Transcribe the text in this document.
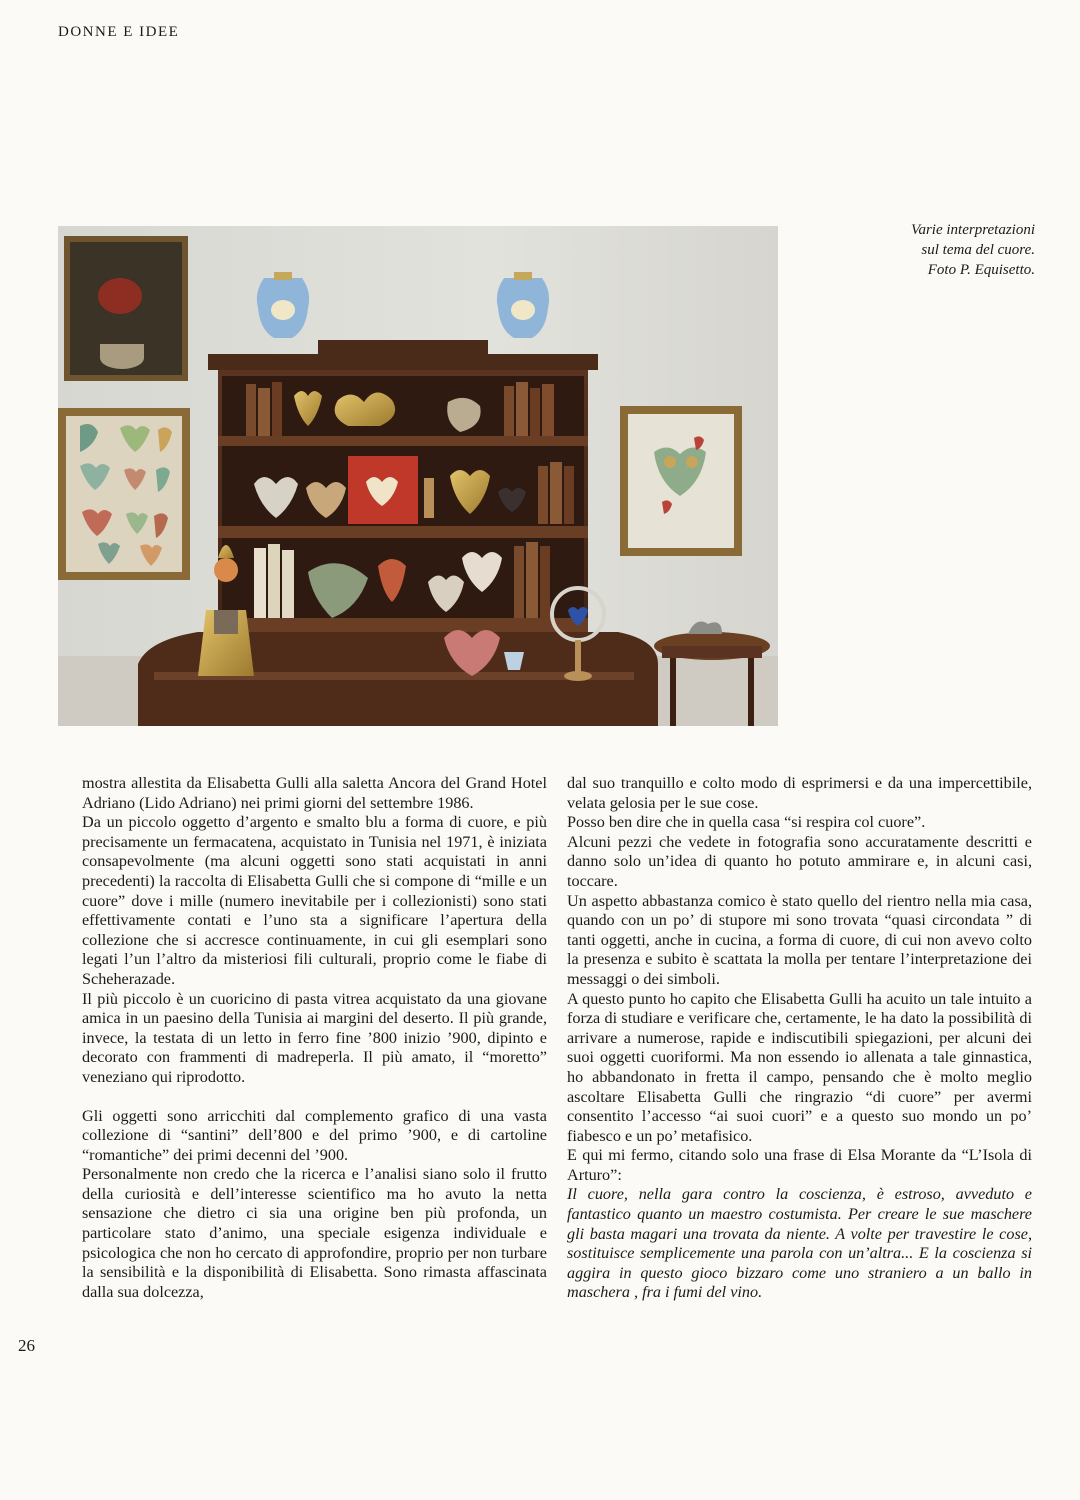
DONNE E IDEE
Varie interpretazioni
sul tema del cuore.
Foto P. Equisetto.

mostra allestita da Elisabetta Gulli alla saletta Ancora del Grand Hotel Adriano (Lido Adriano) nei primi giorni del settembre 1986.

Da un piccolo oggetto d’argento e smalto blu a forma di cuore, e più precisamente un fermacatena, acquistato in Tunisia nel 1971, è iniziata consapevolmente (ma alcuni oggetti sono stati acquistati in anni precedenti) la raccolta di Elisabetta Gulli che si compone di “mille e un cuore” dove i mille (numero inevitabile per i collezionisti) sono stati effettivamente contati e l’uno sta a significare l’apertura della collezione che si accresce continuamente, in cui gli esemplari sono legati l’un l’altro da misteriosi fili culturali, proprio come le fiabe di Scheherazade.

Il più piccolo è un cuoricino di pasta vitrea acquistato da una giovane amica in un paesino della Tunisia ai margini del deserto. Il più grande, invece, la testata di un letto in ferro fine ’800 inizio ’900, dipinto e decorato con frammenti di madreperla. Il più amato, il “moretto” veneziano qui riprodotto.

Gli oggetti sono arricchiti dal complemento grafico di una vasta collezione di “santini” dell’800 e del primo ’900, e di cartoline “romantiche” dei primi decenni del ’900.

Personalmente non credo che la ricerca e l’analisi siano solo il frutto della curiosità e dell’interesse scientifico ma ho avuto la netta sensazione che dietro ci sia una origine ben più profonda, un particolare stato d’animo, una speciale esigenza individuale e psicologica che non ho cercato di approfondire, proprio per non turbare la sensibilità e la disponibilità di Elisabetta. Sono rimasta affascinata dalla sua dolcezza,

dal suo tranquillo e colto modo di esprimersi e da una impercettibile, velata gelosia per le sue cose.

Posso ben dire che in quella casa “si respira col cuore”.

Alcuni pezzi che vedete in fotografia sono accuratamente descritti e danno solo un’idea di quanto ho potuto ammirare e, in alcuni casi, toccare.

Un aspetto abbastanza comico è stato quello del rientro nella mia casa, quando con un po’ di stupore mi sono trovata “quasi circondata ” di tanti oggetti, anche in cucina, a forma di cuore, di cui non avevo colto la presenza e subito è scattata la molla per tentare l’interpretazione dei messaggi o dei simboli.

A questo punto ho capito che Elisabetta Gulli ha acuito un tale intuito a forza di studiare e verificare che, certamente, le ha dato la possibilità di arrivare a numerose, rapide e indiscutibili spiegazioni, per alcuni dei suoi oggetti cuoriformi. Ma non essendo io allenata a tale ginnastica, ho abbandonato in fretta il campo, pensando che è molto meglio ascoltare Elisabetta Gulli che ringrazio “di cuore” per avermi consentito l’accesso “ai suoi cuori” e a questo suo mondo un po’ fiabesco e un po’ metafisico.

E qui mi fermo, citando solo una frase di Elsa Morante da “L’Isola di Arturo”:

Il cuore, nella gara contro la coscienza, è estroso, avveduto e fantastico quanto un maestro costumista. Per creare le sue maschere gli basta magari una trovata da niente. A volte per travestire le cose, sostituisce semplicemente una parola con un’altra... E la coscienza si aggira in questo gioco bizzaro come uno straniero a un ballo in maschera , fra i fumi del vino.

26
